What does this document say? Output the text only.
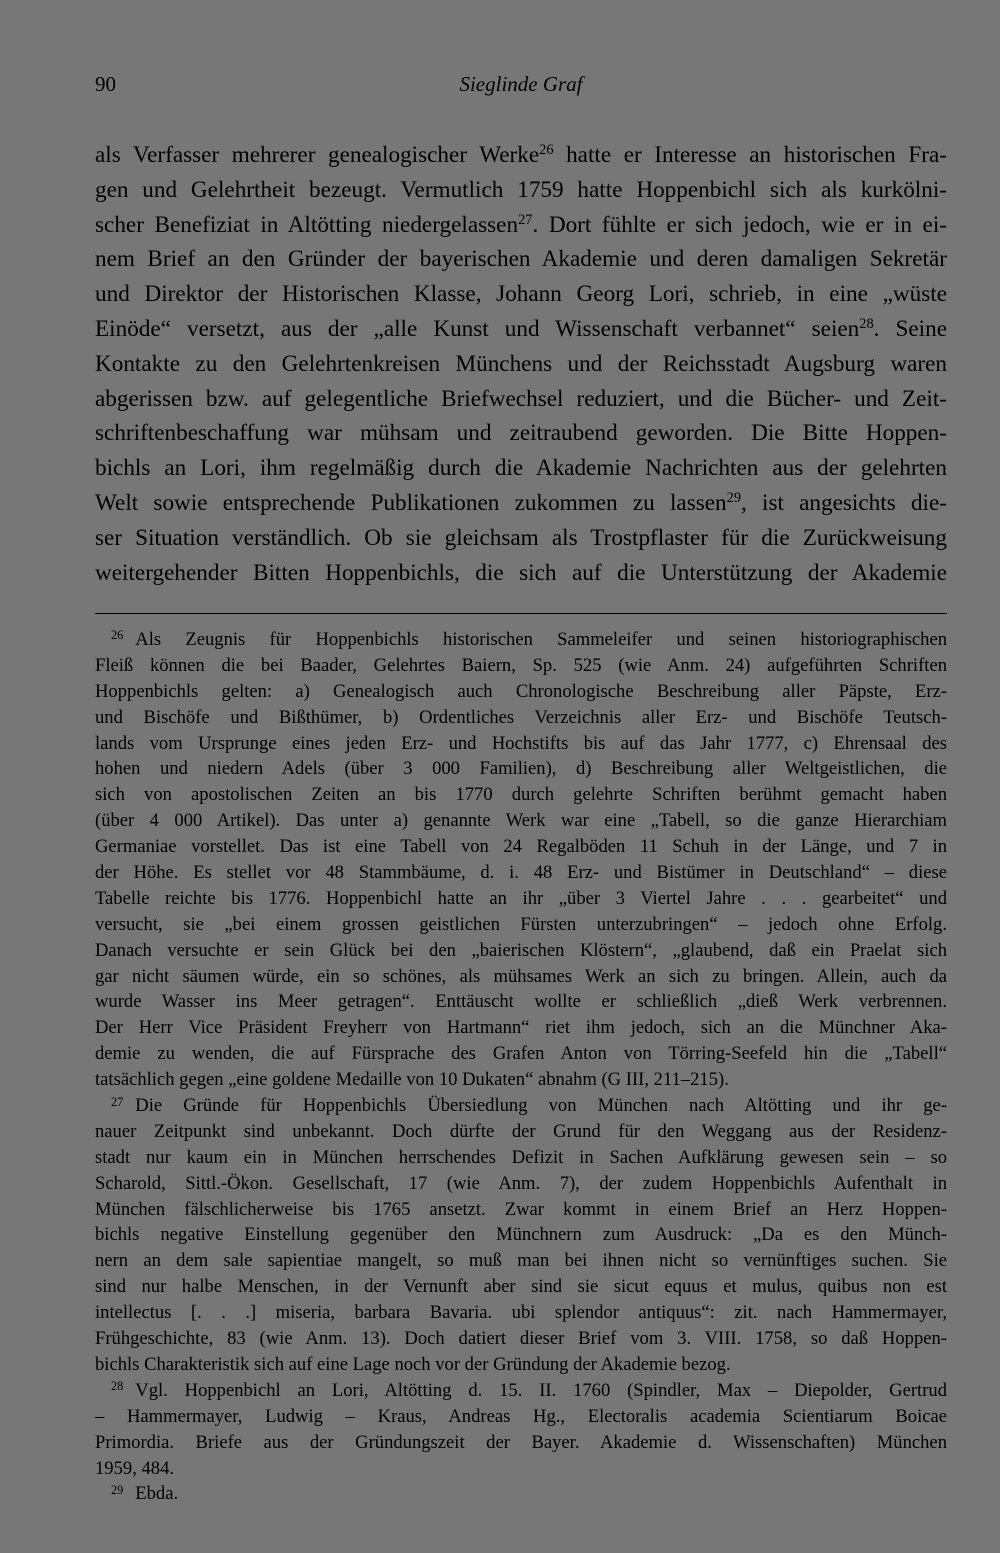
90	Sieglinde Graf
als Verfasser mehrerer genealogischer Werke$^{26}$ hatte er Interesse an historischen Fra-
gen und Gelehrtheit bezeugt. Vermutlich 1759 hatte Hoppenbichl sich als kurkölni-
scher Benefiziat in Altötting niedergelassen$^{27}$. Dort fühlte er sich jedoch, wie er in ei-
nem Brief an den Gründer der bayerischen Akademie und deren damaligen Sekretär
und Direktor der Historischen Klasse, Johann Georg Lori, schrieb, in eine „wüste
Einöde“ versetzt, aus der „alle Kunst und Wissenschaft verbannet“ seien$^{28}$. Seine
Kontakte zu den Gelehrtenkreisen Münchens und der Reichsstadt Augsburg waren
abgerissen bzw. auf gelegentliche Briefwechsel reduziert, und die Bücher- und Zeit-
schriftenbeschaffung war mühsam und zeitraubend geworden. Die Bitte Hoppen-
bichls an Lori, ihm regelmäßig durch die Akademie Nachrichten aus der gelehrten
Welt sowie entsprechende Publikationen zukommen zu lassen$^{29}$, ist angesichts die-
ser Situation verständlich. Ob sie gleichsam als Trostpflaster für die Zurückweisung
weitergehender Bitten Hoppenbichls, die sich auf die Unterstützung der Akademie
$^{26}$ Als Zeugnis für Hoppenbichls historischen Sammeleifer und seinen historiographischen
Fleiß können die bei Baader, Gelehrtes Baiern, Sp. 525 (wie Anm. 24) aufgeführten Schriften
Hoppenbichls gelten: a) Genealogisch auch Chronologische Beschreibung aller Päpste, Erz-
und Bischöfe und Bißthümer, b) Ordentliches Verzeichnis aller Erz- und Bischöfe Teutsch-
lands vom Ursprunge eines jeden Erz- und Hochstifts bis auf das Jahr 1777, c) Ehrensaal des
hohen und niedern Adels (über 3 000 Familien), d) Beschreibung aller Weltgeistlichen, die
sich von apostolischen Zeiten an bis 1770 durch gelehrte Schriften berühmt gemacht haben
(über 4 000 Artikel). Das unter a) genannte Werk war eine „Tabell, so die ganze Hierarchiam
Germaniae vorstellet. Das ist eine Tabell von 24 Regalböden 11 Schuh in der Länge, und 7 in
der Höhe. Es stellet vor 48 Stammbäume, d. i. 48 Erz- und Bistümer in Deutschland“ – diese
Tabelle reichte bis 1776. Hoppenbichl hatte an ihr „über 3 Viertel Jahre . . . gearbeitet“ und
versucht, sie „bei einem grossen geistlichen Fürsten unterzubringen“ – jedoch ohne Erfolg.
Danach versuchte er sein Glück bei den „baierischen Klöstern“, „glaubend, daß ein Praelat sich
gar nicht säumen würde, ein so schönes, als mühsames Werk an sich zu bringen. Allein, auch da
wurde Wasser ins Meer getragen“. Enttäuscht wollte er schließlich „dieß Werk verbrennen.
Der Herr Vice Präsident Freyherr von Hartmann“ riet ihm jedoch, sich an die Münchner Aka-
demie zu wenden, die auf Fürsprache des Grafen Anton von Törring-Seefeld hin die „Tabell“
tatsächlich gegen „eine goldene Medaille von 10 Dukaten“ abnahm (G III, 211–215).
$^{27}$ Die Gründe für Hoppenbichls Übersiedlung von München nach Altötting und ihr ge-
nauer Zeitpunkt sind unbekannt. Doch dürfte der Grund für den Weggang aus der Residenz-
stadt nur kaum ein in München herrschendes Defizit in Sachen Aufklärung gewesen sein – so
Scharold, Sittl.-Ökon. Gesellschaft, 17 (wie Anm. 7), der zudem Hoppenbichls Aufenthalt in
München fälschlicherweise bis 1765 ansetzt. Zwar kommt in einem Brief an Herz Hoppen-
bichls negative Einstellung gegenüber den Münchnern zum Ausdruck: „Da es den Münch-
nern an dem sale sapientiae mangelt, so muß man bei ihnen nicht so vernünftiges suchen. Sie
sind nur halbe Menschen, in der Vernunft aber sind sie sicut equus et mulus, quibus non est
intellectus [. . .] miseria, barbara Bavaria. ubi splendor antiquus“: zit. nach Hammermayer,
Frühgeschichte, 83 (wie Anm. 13). Doch datiert dieser Brief vom 3. VIII. 1758, so daß Hoppen-
bichls Charakteristik sich auf eine Lage noch vor der Gründung der Akademie bezog.
$^{28}$ Vgl. Hoppenbichl an Lori, Altötting d. 15. II. 1760 (Spindler, Max – Diepolder, Gertrud
– Hammermayer, Ludwig – Kraus, Andreas Hg., Electoralis academia Scientiarum Boicae
Primordia. Briefe aus der Gründungszeit der Bayer. Akademie d. Wissenschaften) München
1959, 484.
$^{29}$ Ebda.
